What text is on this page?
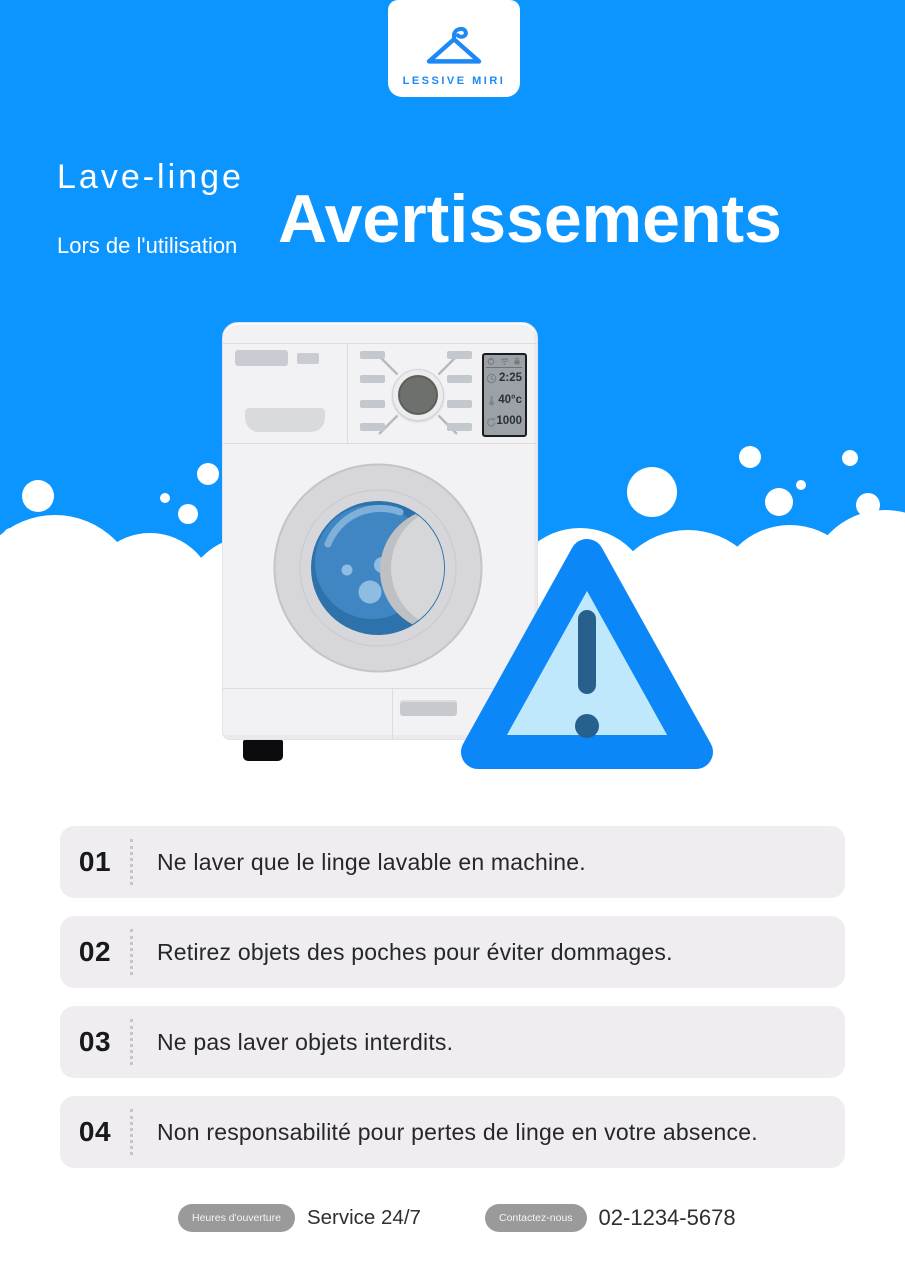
LESSIVE MIRI
Lave-linge
Avertissements
Lors de l'utilisation
2:25
40°c
1000
01	Ne laver que le linge lavable en machine.
02	Retirez objets des poches pour éviter dommages.
03	Ne pas laver objets interdits.
04	Non responsabilité pour pertes de linge en votre absence.
Heures d'ouverture	Service 24/7	Contactez-nous	02-1234-5678
